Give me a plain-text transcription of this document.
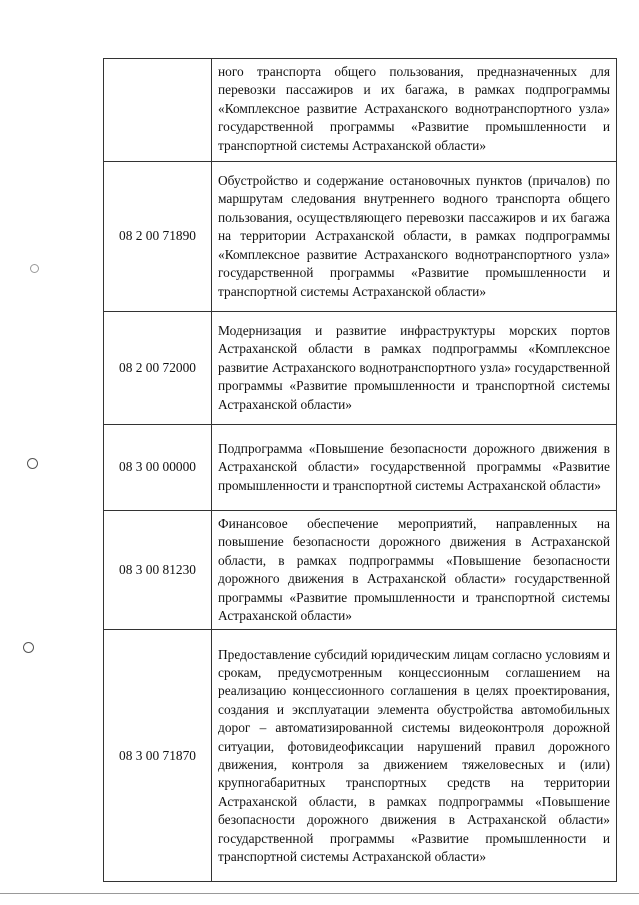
	ного транспорта общего пользования, предназначенных для перевозки пассажиров и их багажа, в рамках подпрограммы «Комплексное развитие Астраханского воднотранспортного узла» государственной программы «Развитие промышленности и транспортной системы Астраханской области»
08 2 00 71890	Обустройство и содержание остановочных пунктов (причалов) по маршрутам следования внутреннего водного транспорта общего пользования, осуществляющего перевозки пассажиров и их багажа на территории Астраханской области, в рамках подпрограммы «Комплексное развитие Астраханского воднотранспортного узла» государственной программы «Развитие промышленности и транспортной системы Астраханской области»
08 2 00 72000	Модернизация и развитие инфраструктуры морских портов Астраханской области в рамках подпрограммы «Комплексное развитие Астраханского воднотранспортного узла» государственной программы «Развитие промышленности и транспортной системы Астраханской области»
08 3 00 00000	Подпрограмма «Повышение безопасности дорожного движения в Астраханской области» государственной программы «Развитие промышленности и транспортной системы Астраханской области»
08 3 00 81230	Финансовое обеспечение мероприятий, направленных на повышение безопасности дорожного движения в Астраханской области, в рамках подпрограммы «Повышение безопасности дорожного движения в Астраханской области» государственной программы «Развитие промышленности и транспортной системы Астраханской области»
08 3 00 71870	Предоставление субсидий юридическим лицам согласно условиям и срокам, предусмотренным концессионным соглашением на реализацию концессионного соглашения в целях проектирования, создания и эксплуатации элемента обустройства автомобильных дорог – автоматизированной системы видеоконтроля дорожной ситуации, фотовидеофиксации нарушений правил дорожного движения, контроля за движением тяжеловесных и (или) крупногабаритных транспортных средств на территории Астраханской области, в рамках подпрограммы «Повышение безопасности дорожного движения в Астраханской области» государственной программы «Развитие промышленности и транспортной системы Астраханской области»
